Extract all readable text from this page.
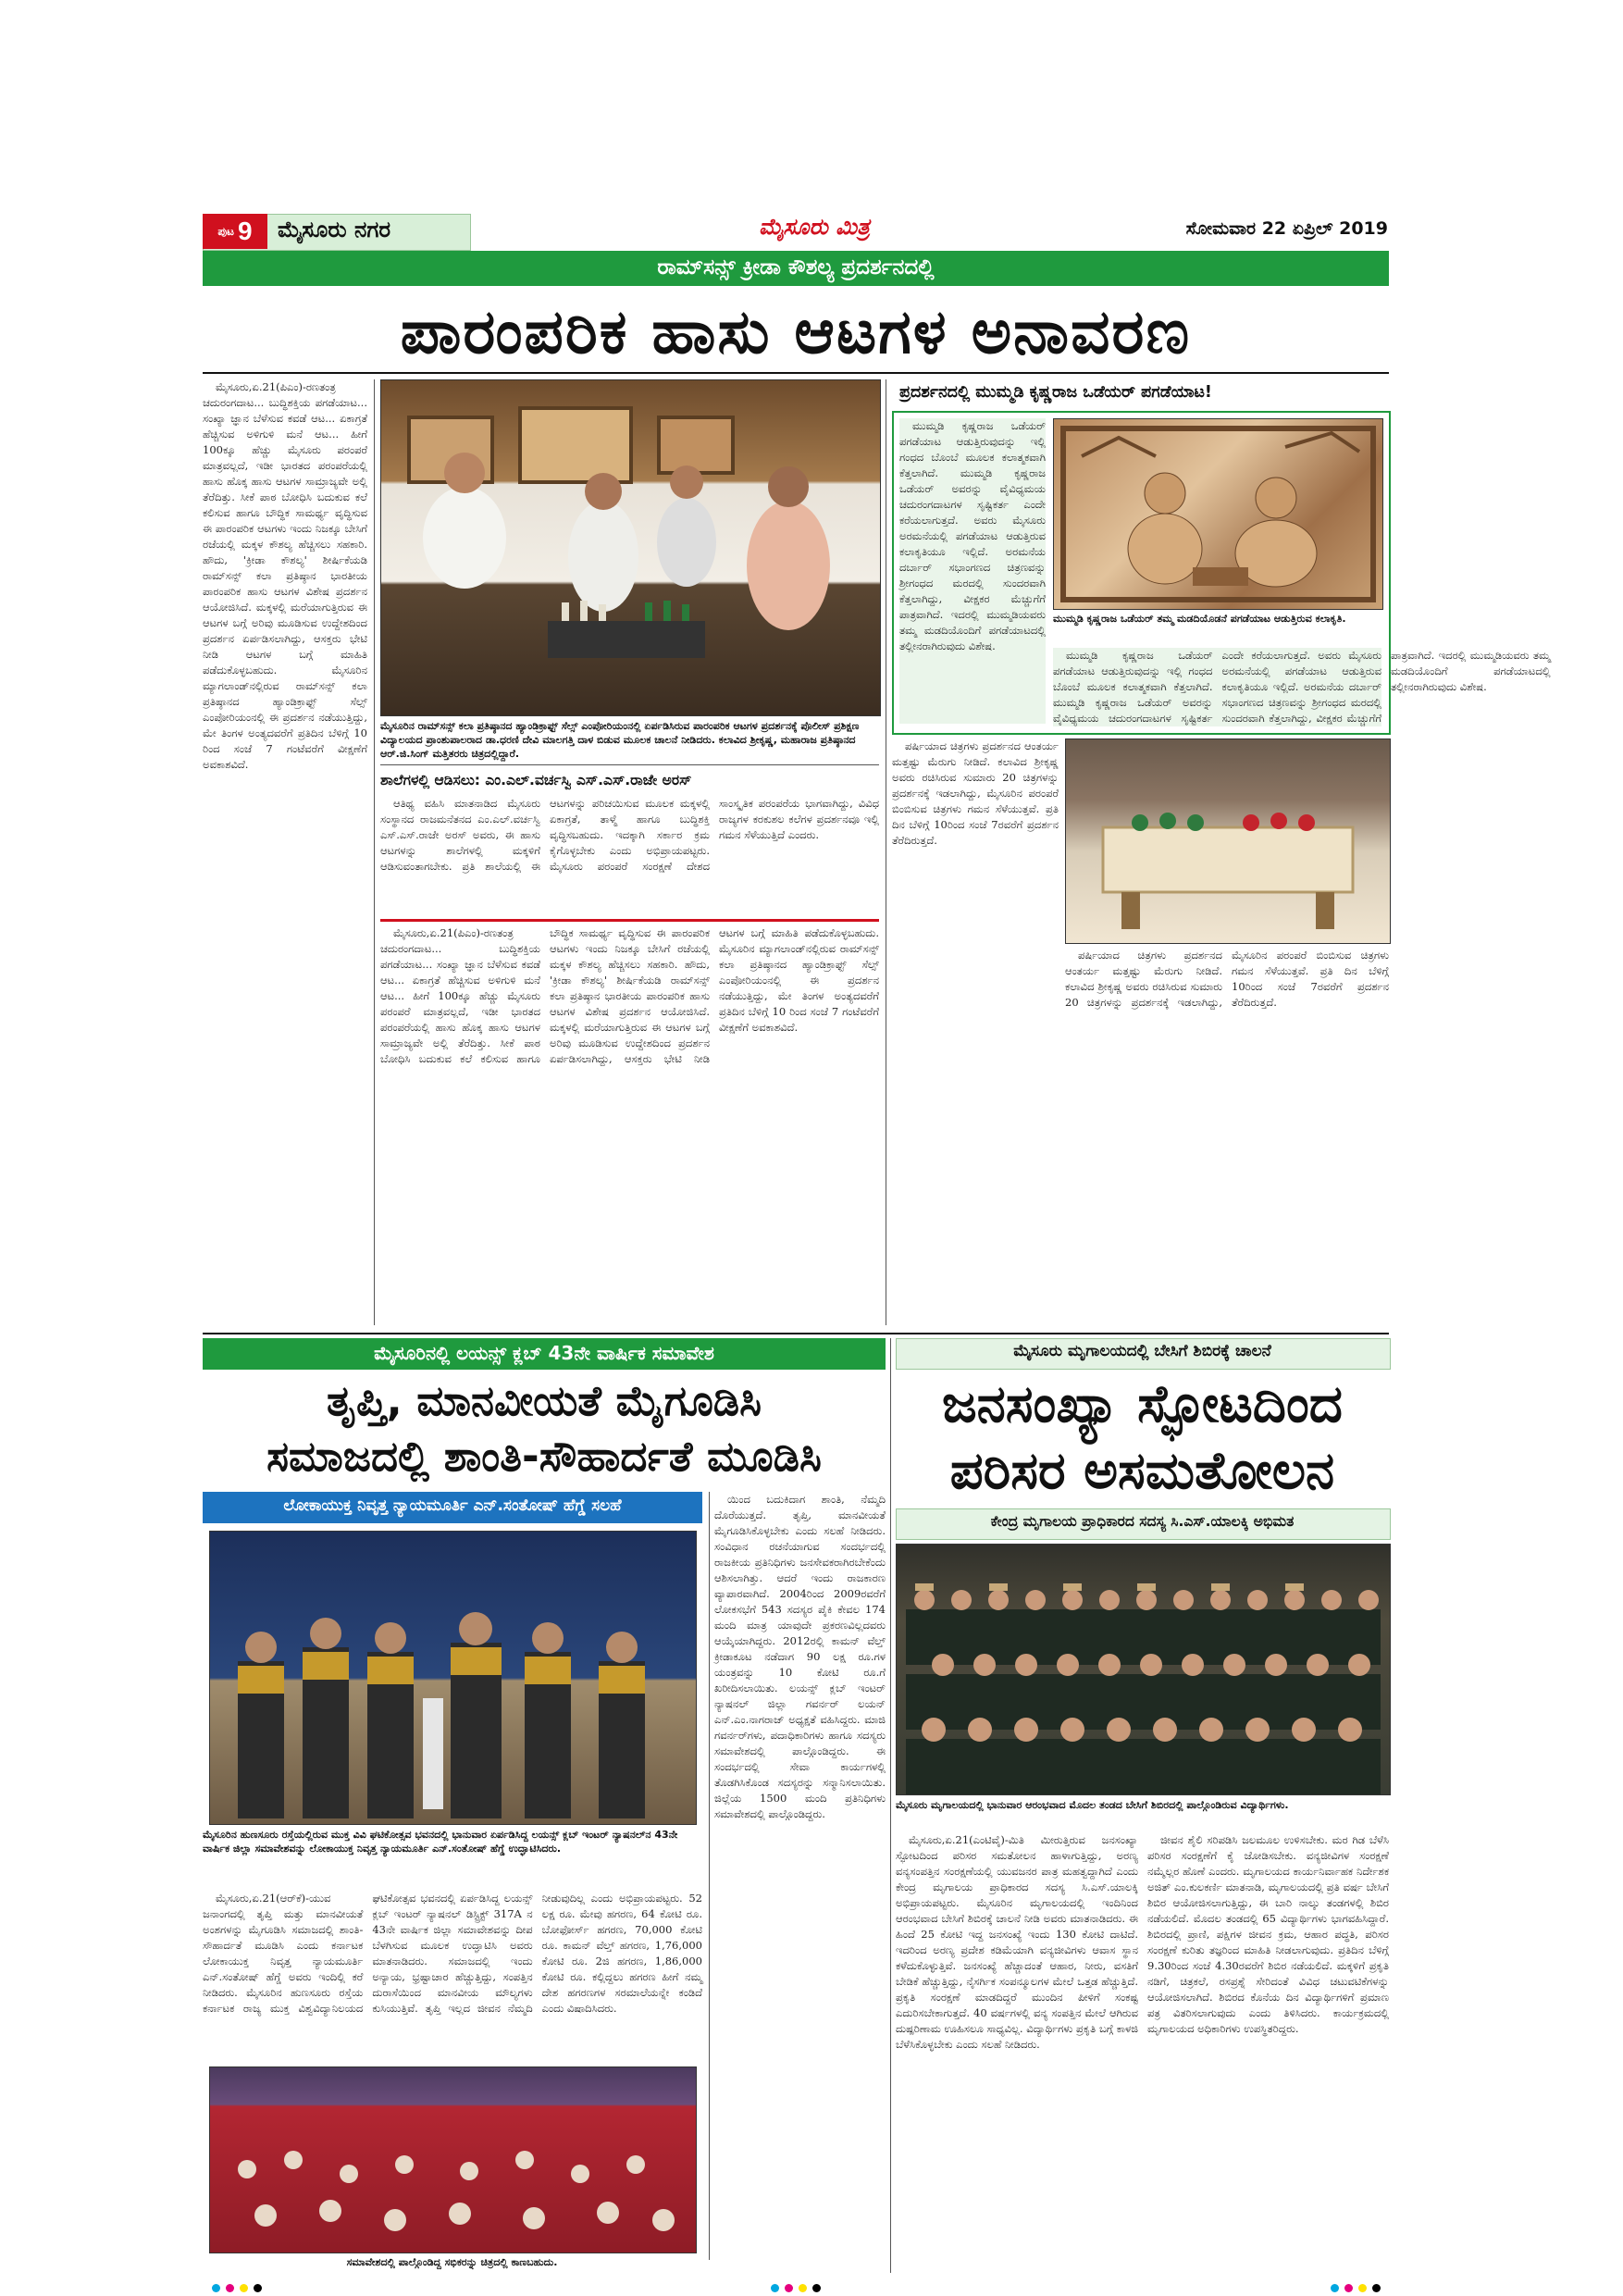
ಪುಟ 9 ಮೈಸೂರು ನಗರ	ಮೈಸೂರು ಮಿತ್ರ	ಸೋಮವಾರ 22 ಏಪ್ರಿಲ್ 2019
ರಾಮ್‌ಸನ್ಸ್ ಕ್ರೀಡಾ ಕೌಶಲ್ಯ ಪ್ರದರ್ಶನದಲ್ಲಿ
ಪಾರಂಪರಿಕ ಹಾಸು ಆಟಗಳ ಅನಾವರಣ

ಮೈಸೂರು,ಏ.21(ಪಿಎಂ)-ರಣತಂತ್ರ ಚದುರಂಗದಾಟ... ಬುದ್ಧಿಶಕ್ತಿಯ ಪಗಡೆಯಾಟ... ಸಂಖ್ಯಾ ಜ್ಞಾನ ಬೆಳೆಸುವ ಕವಡೆ ಆಟ... ಏಕಾಗ್ರತೆ ಹೆಚ್ಚಿಸುವ ಅಳಿಗುಳಿ ಮನೆ ಆಟ... ಹೀಗೆ 100ಕ್ಕೂ ಹೆಚ್ಚು ಮೈಸೂರು ಪರಂಪರೆ ಮಾತ್ರವಲ್ಲದೆ, ಇಡೀ ಭಾರತದ ಪರಂಪರೆಯಲ್ಲಿ ಹಾಸು ಹೊಕ್ಕ ಹಾಸು ಆಟಗಳ ಸಾಮ್ರಾಜ್ಯವೇ ಅಲ್ಲಿ ತೆರೆದಿತ್ತು. ಸೀಕೆ ಪಾಠ ಬೋಧಿಸಿ ಬದುಕುವ ಕಲೆ ಕಲಿಸುವ ಹಾಗೂ ಬೌದ್ಧಿಕ ಸಾಮರ್ಥ್ಯ ವೃದ್ಧಿಸುವ ಈ ಪಾರಂಪರಿಕ ಆಟಗಳು ಇಂದು ನಿಜಕ್ಕೂ ಬೇಸಿಗೆ ರಜೆಯಲ್ಲಿ ಮಕ್ಕಳ ಕೌಶಲ್ಯ ಹೆಚ್ಚಿಸಲು ಸಹಕಾರಿ. ಹೌದು, 'ಕ್ರೀಡಾ ಕೌಶಲ್ಯ' ಶೀರ್ಷಿಕೆಯಡಿ ರಾಮ್‌ಸನ್ಸ್ ಕಲಾ ಪ್ರತಿಷ್ಠಾನ ಭಾರತೀಯ ಪಾರಂಪರಿಕ ಹಾಸು ಆಟಗಳ ವಿಶೇಷ ಪ್ರದರ್ಶನ ಆಯೋಜಿಸಿದೆ. ಮಕ್ಕಳಲ್ಲಿ ಮರೆಯಾಗುತ್ತಿರುವ ಈ ಆಟಗಳ ಬಗ್ಗೆ ಅರಿವು ಮೂಡಿಸುವ ಉದ್ದೇಶದಿಂದ ಪ್ರದರ್ಶನ ಏರ್ಪಡಿಸಲಾಗಿದ್ದು, ಆಸಕ್ತರು ಭೇಟಿ ನೀಡಿ ಆಟಗಳ ಬಗ್ಗೆ ಮಾಹಿತಿ ಪಡೆದುಕೊಳ್ಳಬಹುದು. ಮೈಸೂರಿನ ಮ್ಯಾಗಲಾಂಡ್‌ನಲ್ಲಿರುವ ರಾಮ್‌ಸನ್ಸ್ ಕಲಾ ಪ್ರತಿಷ್ಠಾನದ ಹ್ಯಾಂಡಿಕ್ರಾಫ್ಟ್ ಸೆಲ್ಸ್ ಎಂಪೋರಿಯಂನಲ್ಲಿ ಈ ಪ್ರದರ್ಶನ ನಡೆಯುತ್ತಿದ್ದು, ಮೇ ತಿಂಗಳ ಅಂತ್ಯದವರೆಗೆ ಪ್ರತಿದಿನ ಬೆಳಿಗ್ಗೆ 10 ರಿಂದ ಸಂಜೆ 7 ಗಂಟೆವರೆಗೆ ವೀಕ್ಷಣೆಗೆ ಅವಕಾಶವಿದೆ.

ಮೈಸೂರಿನ ರಾಮ್‌ಸನ್ಸ್ ಕಲಾ ಪ್ರತಿಷ್ಠಾನದ ಹ್ಯಾಂಡಿಕ್ರಾಫ್ಟ್ ಸೆಲ್ಸ್ ಎಂಪೋರಿಯಂನಲ್ಲಿ ಏರ್ಪಡಿಸಿರುವ ಪಾರಂಪರಿಕ ಆಟಗಳ ಪ್ರದರ್ಶನಕ್ಕೆ ಪೊಲೀಸ್ ಪ್ರಶಿಕ್ಷಣ ವಿದ್ಯಾಲಯದ ಪ್ರಾಂಶುಪಾಲರಾದ ಡಾ.ಧರಣಿ ದೇವಿ ಮಾಲಗತ್ತಿ ದಾಳ ಬಿಡುವ ಮೂಲಕ ಚಾಲನೆ ನೀಡಿದರು. ಕಲಾವಿದ ಶ್ರೀಕೃಷ್ಣ, ಮಹಾರಾಜ ಪ್ರತಿಷ್ಠಾನದ ಆರ್.ಜಿ.ಸಿಂಗ್ ಮತ್ತಿತರರು ಚಿತ್ರದಲ್ಲಿದ್ದಾರೆ.
ಶಾಲೆಗಳಲ್ಲಿ ಆಡಿಸಲು: ಎಂ.ಎಲ್.ವರ್ಚಸ್ವಿ ಎಸ್.ಎಸ್.ರಾಜೇ ಅರಸ್

ಆತಿಥ್ಯ ವಹಿಸಿ ಮಾತನಾಡಿದ ಮೈಸೂರು ಸಂಸ್ಥಾನದ ರಾಜಮನೆತನದ ಎಂ.ಎಲ್.ವರ್ಚಸ್ವಿ ಎಸ್.ಎಸ್.ರಾಜೇ ಅರಸ್ ಅವರು, ಈ ಹಾಸು ಆಟಗಳನ್ನು ಶಾಲೆಗಳಲ್ಲಿ ಮಕ್ಕಳಿಗೆ ಆಡಿಸುವಂತಾಗಬೇಕು. ಪ್ರತಿ ಶಾಲೆಯಲ್ಲಿ ಈ ಆಟಗಳನ್ನು ಪರಿಚಯಿಸುವ ಮೂಲಕ ಮಕ್ಕಳಲ್ಲಿ ಏಕಾಗ್ರತೆ, ತಾಳ್ಮೆ ಹಾಗೂ ಬುದ್ಧಿಶಕ್ತಿ ವೃದ್ಧಿಸಬಹುದು. ಇದಕ್ಕಾಗಿ ಸರ್ಕಾರ ಕ್ರಮ ಕೈಗೊಳ್ಳಬೇಕು ಎಂದು ಅಭಿಪ್ರಾಯಪಟ್ಟರು. ಮೈಸೂರು ಪರಂಪರೆ ಸಂರಕ್ಷಣೆ ದೇಶದ ಸಾಂಸ್ಕೃತಿಕ ಪರಂಪರೆಯ ಭಾಗವಾಗಿದ್ದು, ವಿವಿಧ ರಾಜ್ಯಗಳ ಕರಕುಶಲ ಕಲೆಗಳ ಪ್ರದರ್ಶನವೂ ಇಲ್ಲಿ ಗಮನ ಸೆಳೆಯುತ್ತಿದೆ ಎಂದರು.

ಮೈಸೂರು,ಏ.21(ಪಿಎಂ)-ರಣತಂತ್ರ ಚದುರಂಗದಾಟ... ಬುದ್ಧಿಶಕ್ತಿಯ ಪಗಡೆಯಾಟ... ಸಂಖ್ಯಾ ಜ್ಞಾನ ಬೆಳೆಸುವ ಕವಡೆ ಆಟ... ಏಕಾಗ್ರತೆ ಹೆಚ್ಚಿಸುವ ಅಳಿಗುಳಿ ಮನೆ ಆಟ... ಹೀಗೆ 100ಕ್ಕೂ ಹೆಚ್ಚು ಮೈಸೂರು ಪರಂಪರೆ ಮಾತ್ರವಲ್ಲದೆ, ಇಡೀ ಭಾರತದ ಪರಂಪರೆಯಲ್ಲಿ ಹಾಸು ಹೊಕ್ಕ ಹಾಸು ಆಟಗಳ ಸಾಮ್ರಾಜ್ಯವೇ ಅಲ್ಲಿ ತೆರೆದಿತ್ತು. ಸೀಕೆ ಪಾಠ ಬೋಧಿಸಿ ಬದುಕುವ ಕಲೆ ಕಲಿಸುವ ಹಾಗೂ ಬೌದ್ಧಿಕ ಸಾಮರ್ಥ್ಯ ವೃದ್ಧಿಸುವ ಈ ಪಾರಂಪರಿಕ ಆಟಗಳು ಇಂದು ನಿಜಕ್ಕೂ ಬೇಸಿಗೆ ರಜೆಯಲ್ಲಿ ಮಕ್ಕಳ ಕೌಶಲ್ಯ ಹೆಚ್ಚಿಸಲು ಸಹಕಾರಿ. ಹೌದು, 'ಕ್ರೀಡಾ ಕೌಶಲ್ಯ' ಶೀರ್ಷಿಕೆಯಡಿ ರಾಮ್‌ಸನ್ಸ್ ಕಲಾ ಪ್ರತಿಷ್ಠಾನ ಭಾರತೀಯ ಪಾರಂಪರಿಕ ಹಾಸು ಆಟಗಳ ವಿಶೇಷ ಪ್ರದರ್ಶನ ಆಯೋಜಿಸಿದೆ. ಮಕ್ಕಳಲ್ಲಿ ಮರೆಯಾಗುತ್ತಿರುವ ಈ ಆಟಗಳ ಬಗ್ಗೆ ಅರಿವು ಮೂಡಿಸುವ ಉದ್ದೇಶದಿಂದ ಪ್ರದರ್ಶನ ಏರ್ಪಡಿಸಲಾಗಿದ್ದು, ಆಸಕ್ತರು ಭೇಟಿ ನೀಡಿ ಆಟಗಳ ಬಗ್ಗೆ ಮಾಹಿತಿ ಪಡೆದುಕೊಳ್ಳಬಹುದು. ಮೈಸೂರಿನ ಮ್ಯಾಗಲಾಂಡ್‌ನಲ್ಲಿರುವ ರಾಮ್‌ಸನ್ಸ್ ಕಲಾ ಪ್ರತಿಷ್ಠಾನದ ಹ್ಯಾಂಡಿಕ್ರಾಫ್ಟ್ ಸೆಲ್ಸ್ ಎಂಪೋರಿಯಂನಲ್ಲಿ ಈ ಪ್ರದರ್ಶನ ನಡೆಯುತ್ತಿದ್ದು, ಮೇ ತಿಂಗಳ ಅಂತ್ಯದವರೆಗೆ ಪ್ರತಿದಿನ ಬೆಳಿಗ್ಗೆ 10 ರಿಂದ ಸಂಜೆ 7 ಗಂಟೆವರೆಗೆ ವೀಕ್ಷಣೆಗೆ ಅವಕಾಶವಿದೆ.

ಪ್ರದರ್ಶನದಲ್ಲಿ ಮುಮ್ಮಡಿ ಕೃಷ್ಣರಾಜ ಒಡೆಯರ್ ಪಗಡೆಯಾಟ!

ಮುಮ್ಮಡಿ ಕೃಷ್ಣರಾಜ ಒಡೆಯರ್ ಪಗಡೆಯಾಟ ಆಡುತ್ತಿರುವುದನ್ನು ಇಲ್ಲಿ ಗಂಧದ ಬೊಂಬೆ ಮೂಲಕ ಕಲಾತ್ಮಕವಾಗಿ ಕೆತ್ತಲಾಗಿದೆ. ಮುಮ್ಮಡಿ ಕೃಷ್ಣರಾಜ ಒಡೆಯರ್ ಅವರನ್ನು ವೈವಿಧ್ಯಮಯ ಚದುರಂಗದಾಟಗಳ ಸೃಷ್ಟಿಕರ್ತ ಎಂದೇ ಕರೆಯಲಾಗುತ್ತದೆ. ಅವರು ಮೈಸೂರು ಅರಮನೆಯಲ್ಲಿ ಪಗಡೆಯಾಟ ಆಡುತ್ತಿರುವ ಕಲಾಕೃತಿಯೂ ಇಲ್ಲಿದೆ. ಅರಮನೆಯ ದರ್ಬಾರ್ ಸಭಾಂಗಣದ ಚಿತ್ರಣವನ್ನು ಶ್ರೀಗಂಧದ ಮರದಲ್ಲಿ ಸುಂದರವಾಗಿ ಕೆತ್ತಲಾಗಿದ್ದು, ವೀಕ್ಷಕರ ಮೆಚ್ಚುಗೆಗೆ ಪಾತ್ರವಾಗಿದೆ. ಇದರಲ್ಲಿ ಮುಮ್ಮಡಿಯವರು ತಮ್ಮ ಮಡದಿಯೊಂದಿಗೆ ಪಗಡೆಯಾಟದಲ್ಲಿ ತಲ್ಲೀನರಾಗಿರುವುದು ವಿಶೇಷ.

ಮುಮ್ಮಡಿ ಕೃಷ್ಣರಾಜ ಒಡೆಯರ್ ತಮ್ಮ ಮಡದಿಯೊಡನೆ ಪಗಡೆಯಾಟ ಆಡುತ್ತಿರುವ ಕಲಾಕೃತಿ.

ಮುಮ್ಮಡಿ ಕೃಷ್ಣರಾಜ ಒಡೆಯರ್ ಪಗಡೆಯಾಟ ಆಡುತ್ತಿರುವುದನ್ನು ಇಲ್ಲಿ ಗಂಧದ ಬೊಂಬೆ ಮೂಲಕ ಕಲಾತ್ಮಕವಾಗಿ ಕೆತ್ತಲಾಗಿದೆ. ಮುಮ್ಮಡಿ ಕೃಷ್ಣರಾಜ ಒಡೆಯರ್ ಅವರನ್ನು ವೈವಿಧ್ಯಮಯ ಚದುರಂಗದಾಟಗಳ ಸೃಷ್ಟಿಕರ್ತ ಎಂದೇ ಕರೆಯಲಾಗುತ್ತದೆ. ಅವರು ಮೈಸೂರು ಅರಮನೆಯಲ್ಲಿ ಪಗಡೆಯಾಟ ಆಡುತ್ತಿರುವ ಕಲಾಕೃತಿಯೂ ಇಲ್ಲಿದೆ. ಅರಮನೆಯ ದರ್ಬಾರ್ ಸಭಾಂಗಣದ ಚಿತ್ರಣವನ್ನು ಶ್ರೀಗಂಧದ ಮರದಲ್ಲಿ ಸುಂದರವಾಗಿ ಕೆತ್ತಲಾಗಿದ್ದು, ವೀಕ್ಷಕರ ಮೆಚ್ಚುಗೆಗೆ ಪಾತ್ರವಾಗಿದೆ. ಇದರಲ್ಲಿ ಮುಮ್ಮಡಿಯವರು ತಮ್ಮ ಮಡದಿಯೊಂದಿಗೆ ಪಗಡೆಯಾಟದಲ್ಲಿ ತಲ್ಲೀನರಾಗಿರುವುದು ವಿಶೇಷ.

ಪರ್ಷಿಯಾದ ಚಿತ್ರಗಳು ಪ್ರದರ್ಶನದ ಆಂತರ್ಯ ಮತ್ತಷ್ಟು ಮೆರುಗು ನೀಡಿದೆ. ಕಲಾವಿದ ಶ್ರೀಕೃಷ್ಣ ಅವರು ರಚಿಸಿರುವ ಸುಮಾರು 20 ಚಿತ್ರಗಳನ್ನು ಪ್ರದರ್ಶನಕ್ಕೆ ಇಡಲಾಗಿದ್ದು, ಮೈಸೂರಿನ ಪರಂಪರೆ ಬಿಂಬಿಸುವ ಚಿತ್ರಗಳು ಗಮನ ಸೆಳೆಯುತ್ತವೆ. ಪ್ರತಿ ದಿನ ಬೆಳಿಗ್ಗೆ 10ರಿಂದ ಸಂಜೆ 7ರವರೆಗೆ ಪ್ರದರ್ಶನ ತೆರೆದಿರುತ್ತದೆ.

ಪರ್ಷಿಯಾದ ಚಿತ್ರಗಳು ಪ್ರದರ್ಶನದ ಆಂತರ್ಯ ಮತ್ತಷ್ಟು ಮೆರುಗು ನೀಡಿದೆ. ಕಲಾವಿದ ಶ್ರೀಕೃಷ್ಣ ಅವರು ರಚಿಸಿರುವ ಸುಮಾರು 20 ಚಿತ್ರಗಳನ್ನು ಪ್ರದರ್ಶನಕ್ಕೆ ಇಡಲಾಗಿದ್ದು, ಮೈಸೂರಿನ ಪರಂಪರೆ ಬಿಂಬಿಸುವ ಚಿತ್ರಗಳು ಗಮನ ಸೆಳೆಯುತ್ತವೆ. ಪ್ರತಿ ದಿನ ಬೆಳಿಗ್ಗೆ 10ರಿಂದ ಸಂಜೆ 7ರವರೆಗೆ ಪ್ರದರ್ಶನ ತೆರೆದಿರುತ್ತದೆ.

ಮೈಸೂರಿನಲ್ಲಿ ಲಯನ್ಸ್ ಕ್ಲಬ್ 43ನೇ ವಾರ್ಷಿಕ ಸಮಾವೇಶ
ತೃಪ್ತಿ, ಮಾನವೀಯತೆ ಮೈಗೂಡಿಸಿ
ಸಮಾಜದಲ್ಲಿ ಶಾಂತಿ-ಸೌಹಾರ್ದತೆ ಮೂಡಿಸಿ
ಲೋಕಾಯುಕ್ತ ನಿವೃತ್ತ ನ್ಯಾಯಮೂರ್ತಿ ಎನ್.ಸಂತೋಷ್ ಹೆಗ್ಡೆ ಸಲಹೆ
ಮೈಸೂರಿನ ಹುಣಸೂರು ರಸ್ತೆಯಲ್ಲಿರುವ ಮುಕ್ತ ವಿವಿ ಘಟಿಕೋತ್ಸವ ಭವನದಲ್ಲಿ ಭಾನುವಾರ ಏರ್ಪಡಿಸಿದ್ದ ಲಯನ್ಸ್ ಕ್ಲಬ್ ಇಂಟರ್ ನ್ಯಾಷನಲ್‌ನ 43ನೇ ವಾರ್ಷಿಕ ಜಿಲ್ಲಾ ಸಮಾವೇಶವನ್ನು ಲೋಕಾಯುಕ್ತ ನಿವೃತ್ತ ನ್ಯಾಯಮೂರ್ತಿ ಎನ್.ಸಂತೋಷ್ ಹೆಗ್ಡೆ ಉದ್ಘಾಟಿಸಿದರು.

ಯಿಂದ ಬದುಕಿದಾಗ ಶಾಂತಿ, ನೆಮ್ಮದಿ ದೊರೆಯುತ್ತದೆ. ತೃಪ್ತಿ, ಮಾನವೀಯತೆ ಮೈಗೂಡಿಸಿಕೊಳ್ಳಬೇಕು ಎಂದು ಸಲಹೆ ನೀಡಿದರು. ಸಂವಿಧಾನ ರಚನೆಯಾಗುವ ಸಂದರ್ಭದಲ್ಲಿ ರಾಜಕೀಯ ಪ್ರತಿನಿಧಿಗಳು ಜನಸೇವಕರಾಗಿರಬೇಕೆಂದು ಆಶಿಸಲಾಗಿತ್ತು. ಆದರೆ ಇಂದು ರಾಜಕಾರಣ ವ್ಯಾಪಾರವಾಗಿದೆ. 2004ರಿಂದ 2009ರವರೆಗೆ ಲೋಕಸಭೆಗೆ 543 ಸದಸ್ಯರ ಪೈಕಿ ಕೇವಲ 174 ಮಂದಿ ಮಾತ್ರ ಯಾವುದೇ ಪ್ರಕರಣವಿಲ್ಲದವರು ಆಯ್ಕೆಯಾಗಿದ್ದರು. 2012ರಲ್ಲಿ ಕಾಮನ್ ವೆಲ್ತ್ ಕ್ರೀಡಾಕೂಟ ನಡೆದಾಗ 90 ಲಕ್ಷ ರೂ.ಗಳ ಯಂತ್ರವನ್ನು 10 ಕೋಟಿ ರೂ.ಗೆ ಖರೀದಿಸಲಾಯಿತು. ಲಯನ್ಸ್ ಕ್ಲಬ್ ಇಂಟರ್ ನ್ಯಾಷನಲ್ ಜಿಲ್ಲಾ ಗವರ್ನರ್ ಲಯನ್ ಎನ್.ಎಂ.ನಾಗರಾಜ್ ಅಧ್ಯಕ್ಷತೆ ವಹಿಸಿದ್ದರು. ಮಾಜಿ ಗವರ್ನರ್‌ಗಳು, ಪದಾಧಿಕಾರಿಗಳು ಹಾಗೂ ಸದಸ್ಯರು ಸಮಾವೇಶದಲ್ಲಿ ಪಾಲ್ಗೊಂಡಿದ್ದರು. ಈ ಸಂದರ್ಭದಲ್ಲಿ ಸೇವಾ ಕಾರ್ಯಗಳಲ್ಲಿ ತೊಡಗಿಸಿಕೊಂಡ ಸದಸ್ಯರನ್ನು ಸನ್ಮಾನಿಸಲಾಯಿತು. ಜಿಲ್ಲೆಯ 1500 ಮಂದಿ ಪ್ರತಿನಿಧಿಗಳು ಸಮಾವೇಶದಲ್ಲಿ ಪಾಲ್ಗೊಂಡಿದ್ದರು.

ಮೈಸೂರು,ಏ.21(ಆರ್‌ಕೆ)-ಯುವ ಜನಾಂಗದಲ್ಲಿ ತೃಪ್ತಿ ಮತ್ತು ಮಾನವೀಯತೆ ಅಂಶಗಳನ್ನು ಮೈಗೂಡಿಸಿ ಸಮಾಜದಲ್ಲಿ ಶಾಂತಿ-ಸೌಹಾರ್ದತೆ ಮೂಡಿಸಿ ಎಂದು ಕರ್ನಾಟಕ ಲೋಕಾಯುಕ್ತ ನಿವೃತ್ತ ನ್ಯಾಯಮೂರ್ತಿ ಎನ್.ಸಂತೋಷ್ ಹೆಗ್ಡೆ ಅವರು ಇಂದಿಲ್ಲಿ ಕರೆ ನೀಡಿದರು. ಮೈಸೂರಿನ ಹುಣಸೂರು ರಸ್ತೆಯ ಕರ್ನಾಟಕ ರಾಜ್ಯ ಮುಕ್ತ ವಿಶ್ವವಿದ್ಯಾನಿಲಯದ ಘಟಿಕೋತ್ಸವ ಭವನದಲ್ಲಿ ಏರ್ಪಡಿಸಿದ್ದ ಲಯನ್ಸ್ ಕ್ಲಬ್ ಇಂಟರ್ ನ್ಯಾಷನಲ್ ಡಿಸ್ಟ್ರಿಕ್ಟ್ 317A ನ 43ನೇ ವಾರ್ಷಿಕ ಜಿಲ್ಲಾ ಸಮಾವೇಶವನ್ನು ದೀಪ ಬೆಳಗಿಸುವ ಮೂಲಕ ಉದ್ಘಾಟಿಸಿ ಅವರು ಮಾತನಾಡಿದರು. ಸಮಾಜದಲ್ಲಿ ಇಂದು ಅನ್ಯಾಯ, ಭ್ರಷ್ಟಾಚಾರ ಹೆಚ್ಚುತ್ತಿದ್ದು, ಸಂಪತ್ತಿನ ದುರಾಸೆಯಿಂದ ಮಾನವೀಯ ಮೌಲ್ಯಗಳು ಕುಸಿಯುತ್ತಿವೆ. ತೃಪ್ತಿ ಇಲ್ಲದ ಜೀವನ ನೆಮ್ಮದಿ ನೀಡುವುದಿಲ್ಲ ಎಂದು ಅಭಿಪ್ರಾಯಪಟ್ಟರು. 52 ಲಕ್ಷ ರೂ. ಮೇವು ಹಗರಣ, 64 ಕೋಟಿ ರೂ. ಬೋಫೋರ್ಸ್ ಹಗರಣ, 70,000 ಕೋಟಿ ರೂ. ಕಾಮನ್ ವೆಲ್ತ್ ಹಗರಣ, 1,76,000 ಕೋಟಿ ರೂ. 2ಜಿ ಹಗರಣ, 1,86,000 ಕೋಟಿ ರೂ. ಕಲ್ಲಿದ್ದಲು ಹಗರಣ ಹೀಗೆ ನಮ್ಮ ದೇಶ ಹಗರಣಗಳ ಸರಮಾಲೆಯನ್ನೇ ಕಂಡಿದೆ ಎಂದು ವಿಷಾದಿಸಿದರು.

ಸಮಾವೇಶದಲ್ಲಿ ಪಾಲ್ಗೊಂಡಿದ್ದ ಸಭಿಕರನ್ನು ಚಿತ್ರದಲ್ಲಿ ಕಾಣಬಹುದು.
ಮೈಸೂರು ಮೃಗಾಲಯದಲ್ಲಿ ಬೇಸಿಗೆ ಶಿಬಿರಕ್ಕೆ ಚಾಲನೆ
ಜನಸಂಖ್ಯಾ ಸ್ಫೋಟದಿಂದ
ಪರಿಸರ ಅಸಮತೋಲನ
ಕೇಂದ್ರ ಮೃಗಾಲಯ ಪ್ರಾಧಿಕಾರದ ಸದಸ್ಯ ಸಿ.ಎಸ್.ಯಾಲಕ್ಕಿ ಅಭಿಮತ
ಮೈಸೂರು ಮೃಗಾಲಯದಲ್ಲಿ ಭಾನುವಾರ ಆರಂಭವಾದ ಮೊದಲ ತಂಡದ ಬೇಸಿಗೆ ಶಿಬಿರದಲ್ಲಿ ಪಾಲ್ಗೊಂಡಿರುವ ವಿದ್ಯಾರ್ಥಿಗಳು.

ಮೈಸೂರು,ಏ.21(ಎಂಟಿವೈ)-ಮಿತಿ ಮೀರುತ್ತಿರುವ ಜನಸಂಖ್ಯಾ ಸ್ಫೋಟದಿಂದ ಪರಿಸರ ಸಮತೋಲನ ಹಾಳಾಗುತ್ತಿದ್ದು, ಅರಣ್ಯ ವನ್ಯಸಂಪತ್ತಿನ ಸಂರಕ್ಷಣೆಯಲ್ಲಿ ಯುವಜನರ ಪಾತ್ರ ಮಹತ್ವದ್ದಾಗಿದೆ ಎಂದು ಕೇಂದ್ರ ಮೃಗಾಲಯ ಪ್ರಾಧಿಕಾರದ ಸದಸ್ಯ ಸಿ.ಎಸ್.ಯಾಲಕ್ಕಿ ಅಭಿಪ್ರಾಯಪಟ್ಟರು. ಮೈಸೂರಿನ ಮೃಗಾಲಯದಲ್ಲಿ ಇಂದಿನಿಂದ ಆರಂಭವಾದ ಬೇಸಿಗೆ ಶಿಬಿರಕ್ಕೆ ಚಾಲನೆ ನೀಡಿ ಅವರು ಮಾತನಾಡಿದರು. ಈ ಹಿಂದೆ 25 ಕೋಟಿ ಇದ್ದ ಜನಸಂಖ್ಯೆ ಇಂದು 130 ಕೋಟಿ ದಾಟಿದೆ. ಇದರಿಂದ ಅರಣ್ಯ ಪ್ರದೇಶ ಕಡಿಮೆಯಾಗಿ ವನ್ಯಜೀವಿಗಳು ಆವಾಸ ಸ್ಥಾನ ಕಳೆದುಕೊಳ್ಳುತ್ತಿವೆ. ಜನಸಂಖ್ಯೆ ಹೆಚ್ಚಾದಂತೆ ಆಹಾರ, ನೀರು, ವಸತಿಗೆ ಬೇಡಿಕೆ ಹೆಚ್ಚುತ್ತಿದ್ದು, ನೈಸರ್ಗಿಕ ಸಂಪನ್ಮೂಲಗಳ ಮೇಲೆ ಒತ್ತಡ ಹೆಚ್ಚುತ್ತಿದೆ. ಪ್ರಕೃತಿ ಸಂರಕ್ಷಣೆ ಮಾಡದಿದ್ದರೆ ಮುಂದಿನ ಪೀಳಿಗೆ ಸಂಕಷ್ಟ ಎದುರಿಸಬೇಕಾಗುತ್ತದೆ. 40 ವರ್ಷಗಳಲ್ಲಿ ವನ್ಯ ಸಂಪತ್ತಿನ ಮೇಲೆ ಆಗಿರುವ ದುಷ್ಪರಿಣಾಮ ಊಹಿಸಲೂ ಸಾಧ್ಯವಿಲ್ಲ. ವಿದ್ಯಾರ್ಥಿಗಳು ಪ್ರಕೃತಿ ಬಗ್ಗೆ ಕಾಳಜಿ ಬೆಳೆಸಿಕೊಳ್ಳಬೇಕು ಎಂದು ಸಲಹೆ ನೀಡಿದರು.

ಜೀವನ ಶೈಲಿ ಸರಿಪಡಿಸಿ ಜಲಮೂಲ ಉಳಿಸಬೇಕು. ಮರ ಗಿಡ ಬೆಳೆಸಿ ಪರಿಸರ ಸಂರಕ್ಷಣೆಗೆ ಕೈ ಜೋಡಿಸಬೇಕು. ವನ್ಯಜೀವಿಗಳ ಸಂರಕ್ಷಣೆ ನಮ್ಮೆಲ್ಲರ ಹೊಣೆ ಎಂದರು. ಮೃಗಾಲಯದ ಕಾರ್ಯನಿರ್ವಾಹಕ ನಿರ್ದೇಶಕ ಅಜಿತ್ ಎಂ.ಕುಲಕರ್ಣಿ ಮಾತನಾಡಿ, ಮೃಗಾಲಯದಲ್ಲಿ ಪ್ರತಿ ವರ್ಷ ಬೇಸಿಗೆ ಶಿಬಿರ ಆಯೋಜಿಸಲಾಗುತ್ತಿದ್ದು, ಈ ಬಾರಿ ನಾಲ್ಕು ತಂಡಗಳಲ್ಲಿ ಶಿಬಿರ ನಡೆಯಲಿದೆ. ಮೊದಲ ತಂಡದಲ್ಲಿ 65 ವಿದ್ಯಾರ್ಥಿಗಳು ಭಾಗವಹಿಸಿದ್ದಾರೆ. ಶಿಬಿರದಲ್ಲಿ ಪ್ರಾಣಿ, ಪಕ್ಷಿಗಳ ಜೀವನ ಕ್ರಮ, ಆಹಾರ ಪದ್ಧತಿ, ಪರಿಸರ ಸಂರಕ್ಷಣೆ ಕುರಿತು ತಜ್ಞರಿಂದ ಮಾಹಿತಿ ನೀಡಲಾಗುವುದು. ಪ್ರತಿದಿನ ಬೆಳಿಗ್ಗೆ 9.30ರಿಂದ ಸಂಜೆ 4.30ರವರೆಗೆ ಶಿಬಿರ ನಡೆಯಲಿದೆ. ಮಕ್ಕಳಿಗೆ ಪ್ರಕೃತಿ ನಡಿಗೆ, ಚಿತ್ರಕಲೆ, ರಸಪ್ರಶ್ನೆ ಸೇರಿದಂತೆ ವಿವಿಧ ಚಟುವಟಿಕೆಗಳನ್ನು ಆಯೋಜಿಸಲಾಗಿದೆ. ಶಿಬಿರದ ಕೊನೆಯ ದಿನ ವಿದ್ಯಾರ್ಥಿಗಳಿಗೆ ಪ್ರಮಾಣ ಪತ್ರ ವಿತರಿಸಲಾಗುವುದು ಎಂದು ತಿಳಿಸಿದರು. ಕಾರ್ಯಕ್ರಮದಲ್ಲಿ ಮೃಗಾಲಯದ ಅಧಿಕಾರಿಗಳು ಉಪಸ್ಥಿತರಿದ್ದರು.
